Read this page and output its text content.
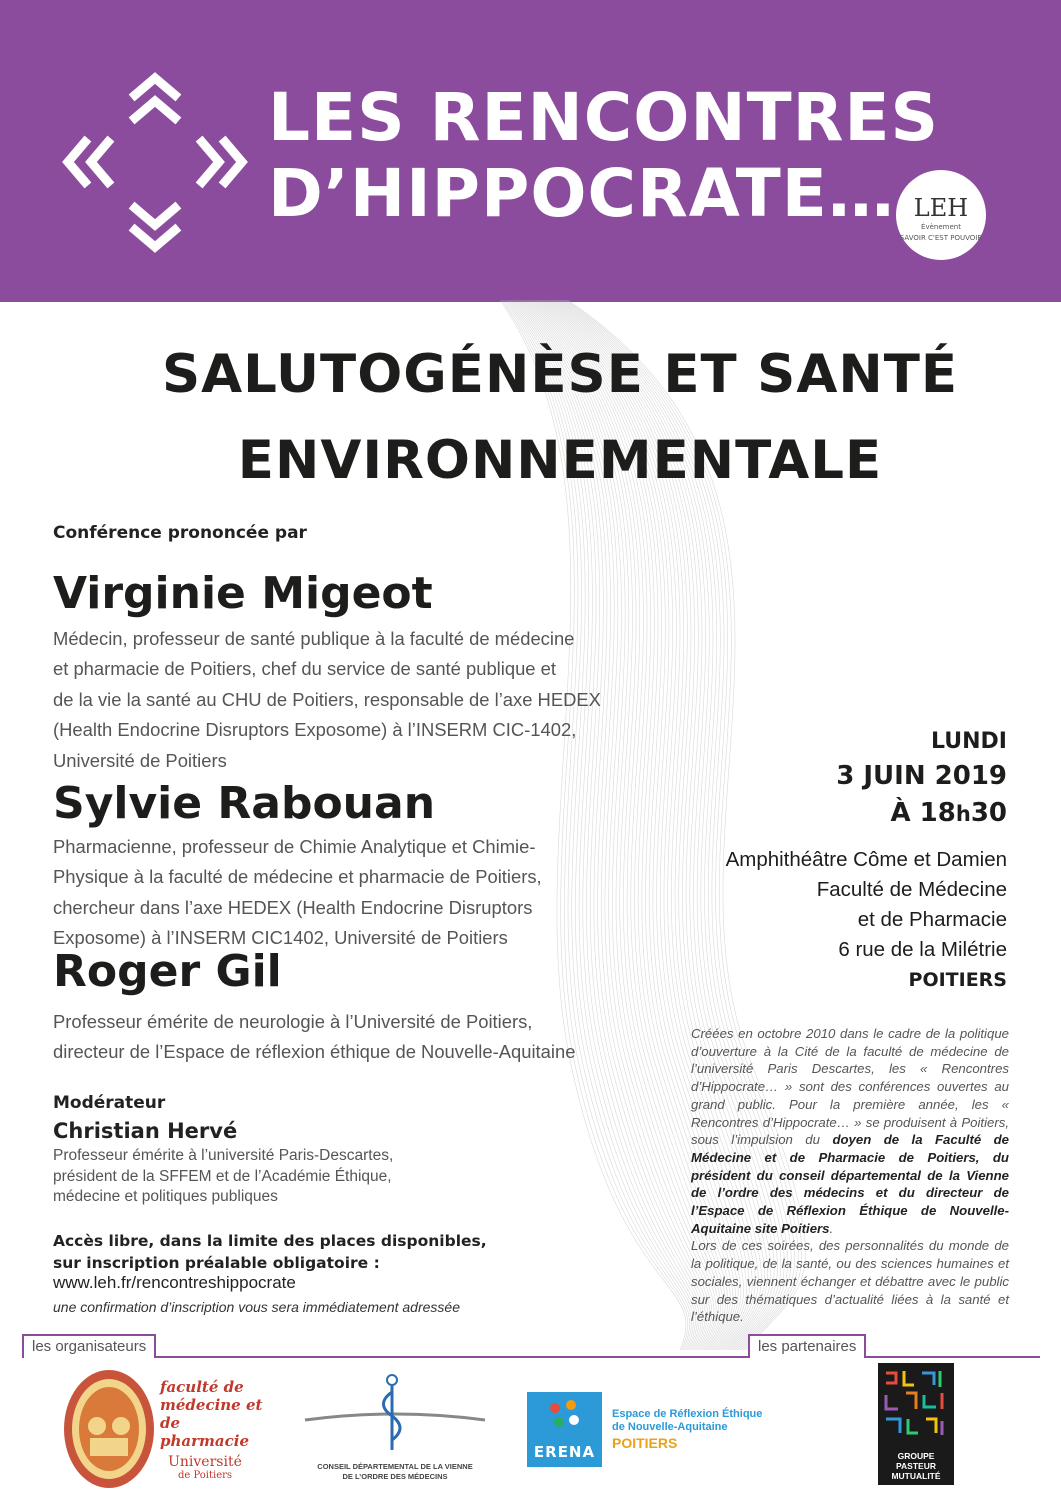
LES RENCONTRES
D’HIPPOCRATE… LEH
Évènement
SAVOIR C'EST POUVOIR
SALUTOGÉNÈSE ET SANTÉ
ENVIRONNEMENTALE
Conférence prononcée par
Virginie Migeot
Médecin, professeur de santé publique à la faculté de médecine
et pharmacie de Poitiers, chef du service de santé publique et
de la vie la santé au CHU de Poitiers, responsable de l’axe HEDEX
(Health Endocrine Disruptors Exposome) à l’INSERM CIC-1402,
Université de Poitiers
Sylvie Rabouan
Pharmacienne, professeur de Chimie Analytique et Chimie-
Physique à la faculté de médecine et pharmacie de Poitiers,
chercheur dans l’axe HEDEX (Health Endocrine Disruptors
Exposome) à l’INSERM CIC1402, Université de Poitiers
Roger Gil
Professeur émérite de neurologie à l’Université de Poitiers,
directeur de l’Espace de réflexion éthique de Nouvelle-Aquitaine
Modérateur
Christian Hervé
Professeur émérite à l’université Paris-Descartes,
président de la SFFEM et de l’Académie Éthique,
médecine et politiques publiques
Accès libre, dans la limite des places disponibles,
sur inscription préalable obligatoire :
www.leh.fr/rencontreshippocrate
une confirmation d’inscription vous sera immédiatement adressée
LUNDI
3 JUIN 2019
À 18h30
Amphithéâtre Côme et Damien
Faculté de Médecine
et de Pharmacie
6 rue de la Milétrie
POITIERS
Créées en octobre 2010 dans le cadre de la politique d’ouverture à la Cité de la faculté de médecine de l’université Paris Descartes, les « Rencontres d’Hippocrate… » sont des conférences ouvertes au grand public. Pour la première année, les « Rencontres d’Hippocrate… » se produisent à Poitiers, sous l’impulsion du doyen de la Faculté de Médecine et de Pharmacie de Poitiers, du président du conseil départemental de la Vienne de l’ordre des médecins et du directeur de l’Espace de Réflexion Éthique de Nouvelle-Aquitaine site Poitiers.
Lors de ces soirées, des personnalités du monde de la politique, de la santé, ou des sciences humaines et sociales, viennent échanger et débattre avec le public sur des thématiques d’actualité liées à la santé et l’éthique.
les organisateurs	les partenaires
faculté de
médecine et
de pharmacie
Université
de Poitiers
CONSEIL DÉPARTEMENTAL DE LA VIENNE
DE L’ORDRE DES MÉDECINS
ERENA
Espace de Réflexion Éthique
de Nouvelle-Aquitaine
POITIERS
GROUPE
PASTEUR
MUTUALITÉ
